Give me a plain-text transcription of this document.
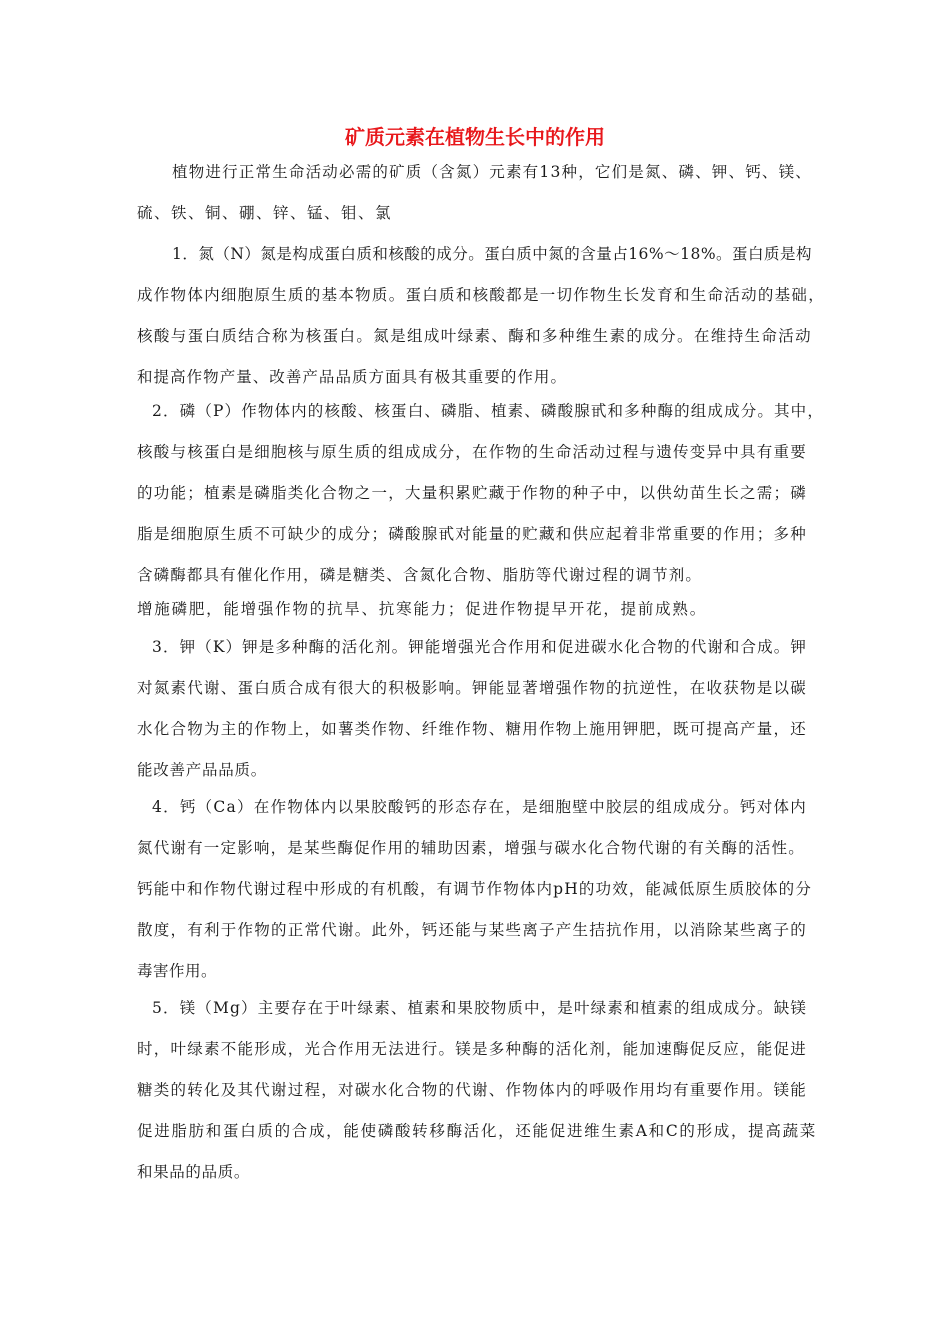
矿质元素在植物生长中的作用
植物进行正常生命活动必需的矿质（含氮）元素有13种，它们是氮、磷、钾、钙、镁、
硫、铁、铜、硼、锌、锰、钼、氯
1．氮（N）氮是构成蛋白质和核酸的成分。蛋白质中氮的含量占16%～18%。蛋白质是构
成作物体内细胞原生质的基本物质。蛋白质和核酸都是一切作物生长发育和生命活动的基础，
核酸与蛋白质结合称为核蛋白。氮是组成叶绿素、酶和多种维生素的成分。在维持生命活动
和提高作物产量、改善产品品质方面具有极其重要的作用。
2．磷（P）作物体内的核酸、核蛋白、磷脂、植素、磷酸腺甙和多种酶的组成成分。其中，
核酸与核蛋白是细胞核与原生质的组成成分，在作物的生命活动过程与遗传变异中具有重要
的功能；植素是磷脂类化合物之一，大量积累贮藏于作物的种子中，以供幼苗生长之需；磷
脂是细胞原生质不可缺少的成分；磷酸腺甙对能量的贮藏和供应起着非常重要的作用；多种
含磷酶都具有催化作用，磷是糖类、含氮化合物、脂肪等代谢过程的调节剂。
增施磷肥，能增强作物的抗旱、抗寒能力；促进作物提早开花，提前成熟。
3．钾（K）钾是多种酶的活化剂。钾能增强光合作用和促进碳水化合物的代谢和合成。钾
对氮素代谢、蛋白质合成有很大的积极影响。钾能显著增强作物的抗逆性，在收获物是以碳
水化合物为主的作物上，如薯类作物、纤维作物、糖用作物上施用钾肥，既可提高产量，还
能改善产品品质。
4．钙（Ca）在作物体内以果胶酸钙的形态存在，是细胞壁中胶层的组成成分。钙对体内
氮代谢有一定影响，是某些酶促作用的辅助因素，增强与碳水化合物代谢的有关酶的活性。
钙能中和作物代谢过程中形成的有机酸，有调节作物体内pH的功效，能减低原生质胶体的分
散度，有利于作物的正常代谢。此外，钙还能与某些离子产生拮抗作用，以消除某些离子的
毒害作用。
5．镁（Mg）主要存在于叶绿素、植素和果胶物质中，是叶绿素和植素的组成成分。缺镁
时，叶绿素不能形成，光合作用无法进行。镁是多种酶的活化剂，能加速酶促反应，能促进
糖类的转化及其代谢过程，对碳水化合物的代谢、作物体内的呼吸作用均有重要作用。镁能
促进脂肪和蛋白质的合成，能使磷酸转移酶活化，还能促进维生素A和C的形成，提高蔬菜
和果品的品质。
